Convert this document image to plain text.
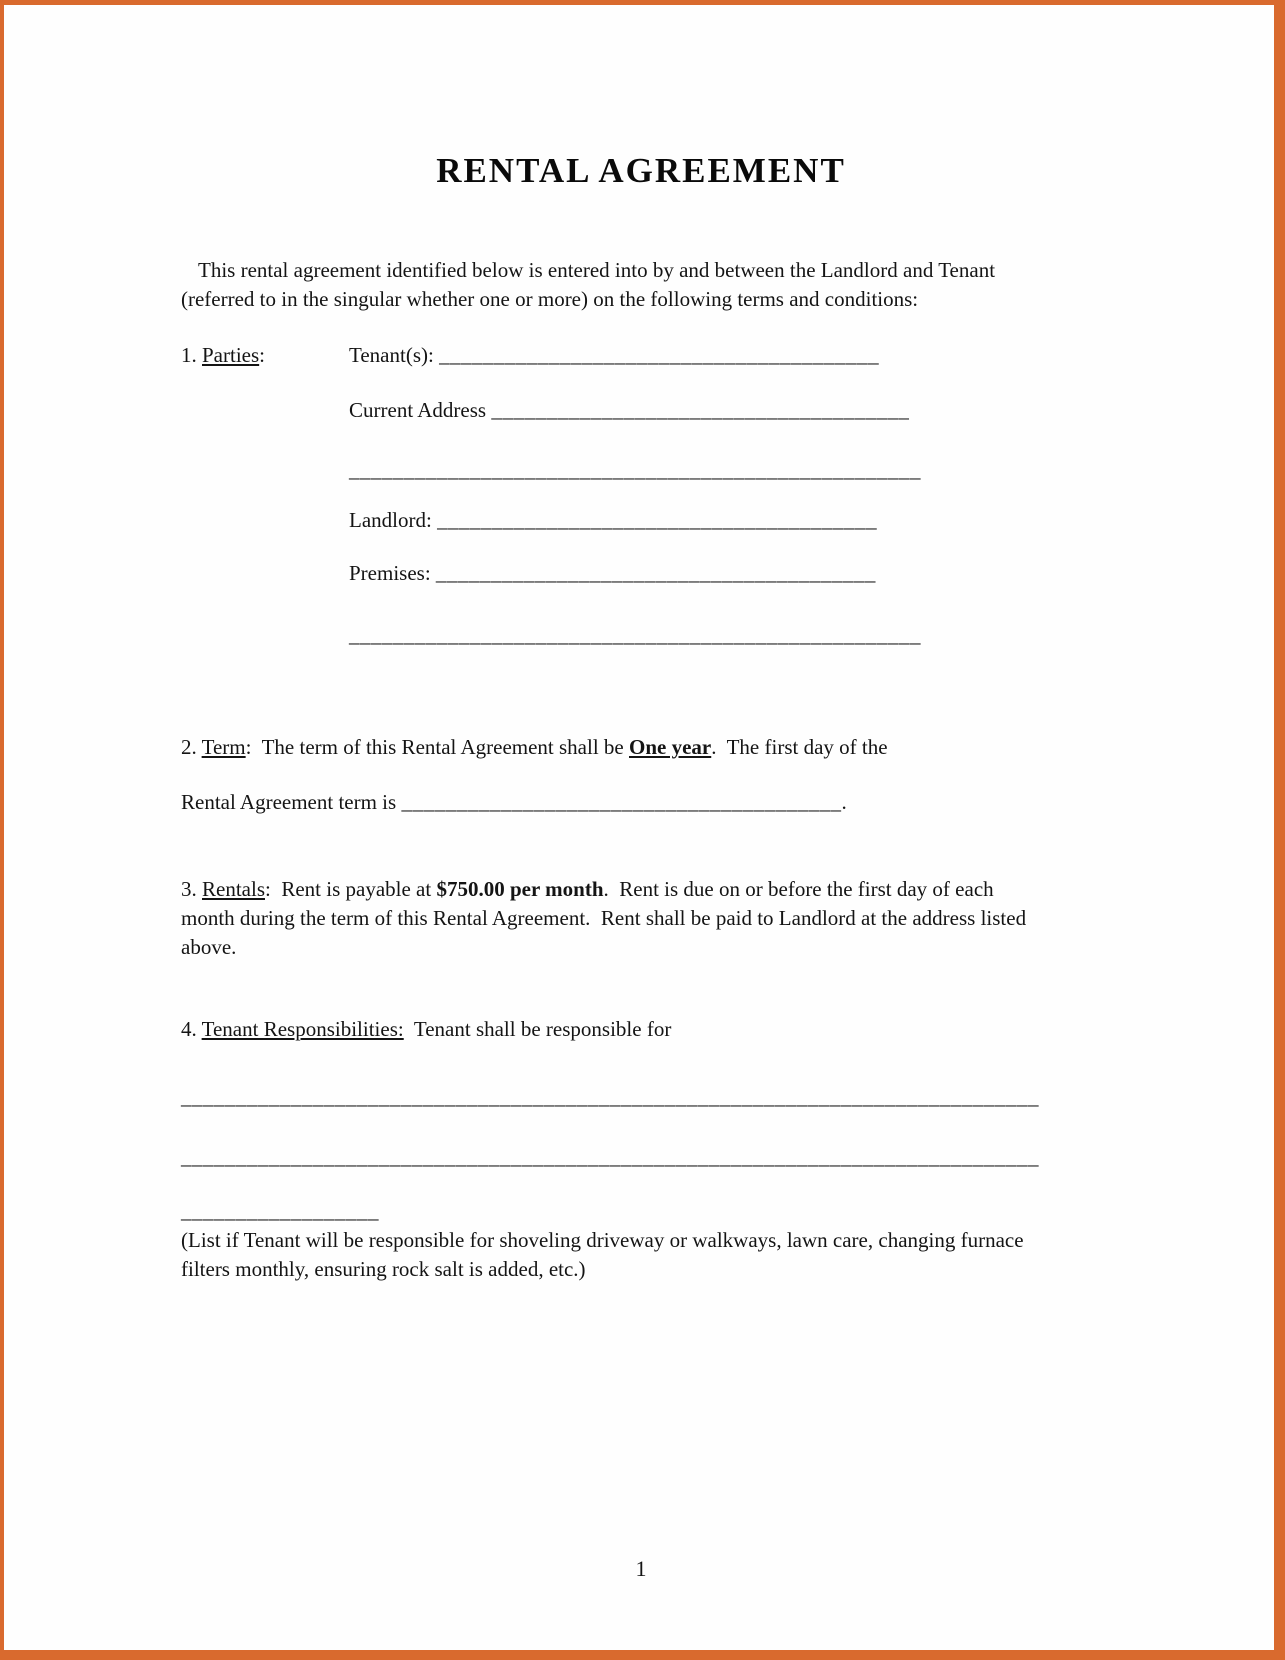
RENTAL AGREEMENT

This rental agreement identified below is entered into by and between the Landlord and Tenant (referred to in the singular whether one or more) on the following terms and conditions:

1. Parties:	Tenant(s): ________________________________________
Current Address ______________________________________
____________________________________________________
Landlord: ________________________________________
Premises: ________________________________________
____________________________________________________
2. Term:  The term of this Rental Agreement shall be One year.  The first day of the
Rental Agreement term is ________________________________________.
3. Rentals:  Rent is payable at $750.00 per month.  Rent is due on or before the first day of each month during the term of this Rental Agreement.  Rent shall be paid to Landlord at the address listed above.
4. Tenant Responsibilities:  Tenant shall be responsible for
______________________________________________________________________________
______________________________________________________________________________
__________________
(List if Tenant will be responsible for shoveling driveway or walkways, lawn care, changing furnace filters monthly, ensuring rock salt is added, etc.)
1
